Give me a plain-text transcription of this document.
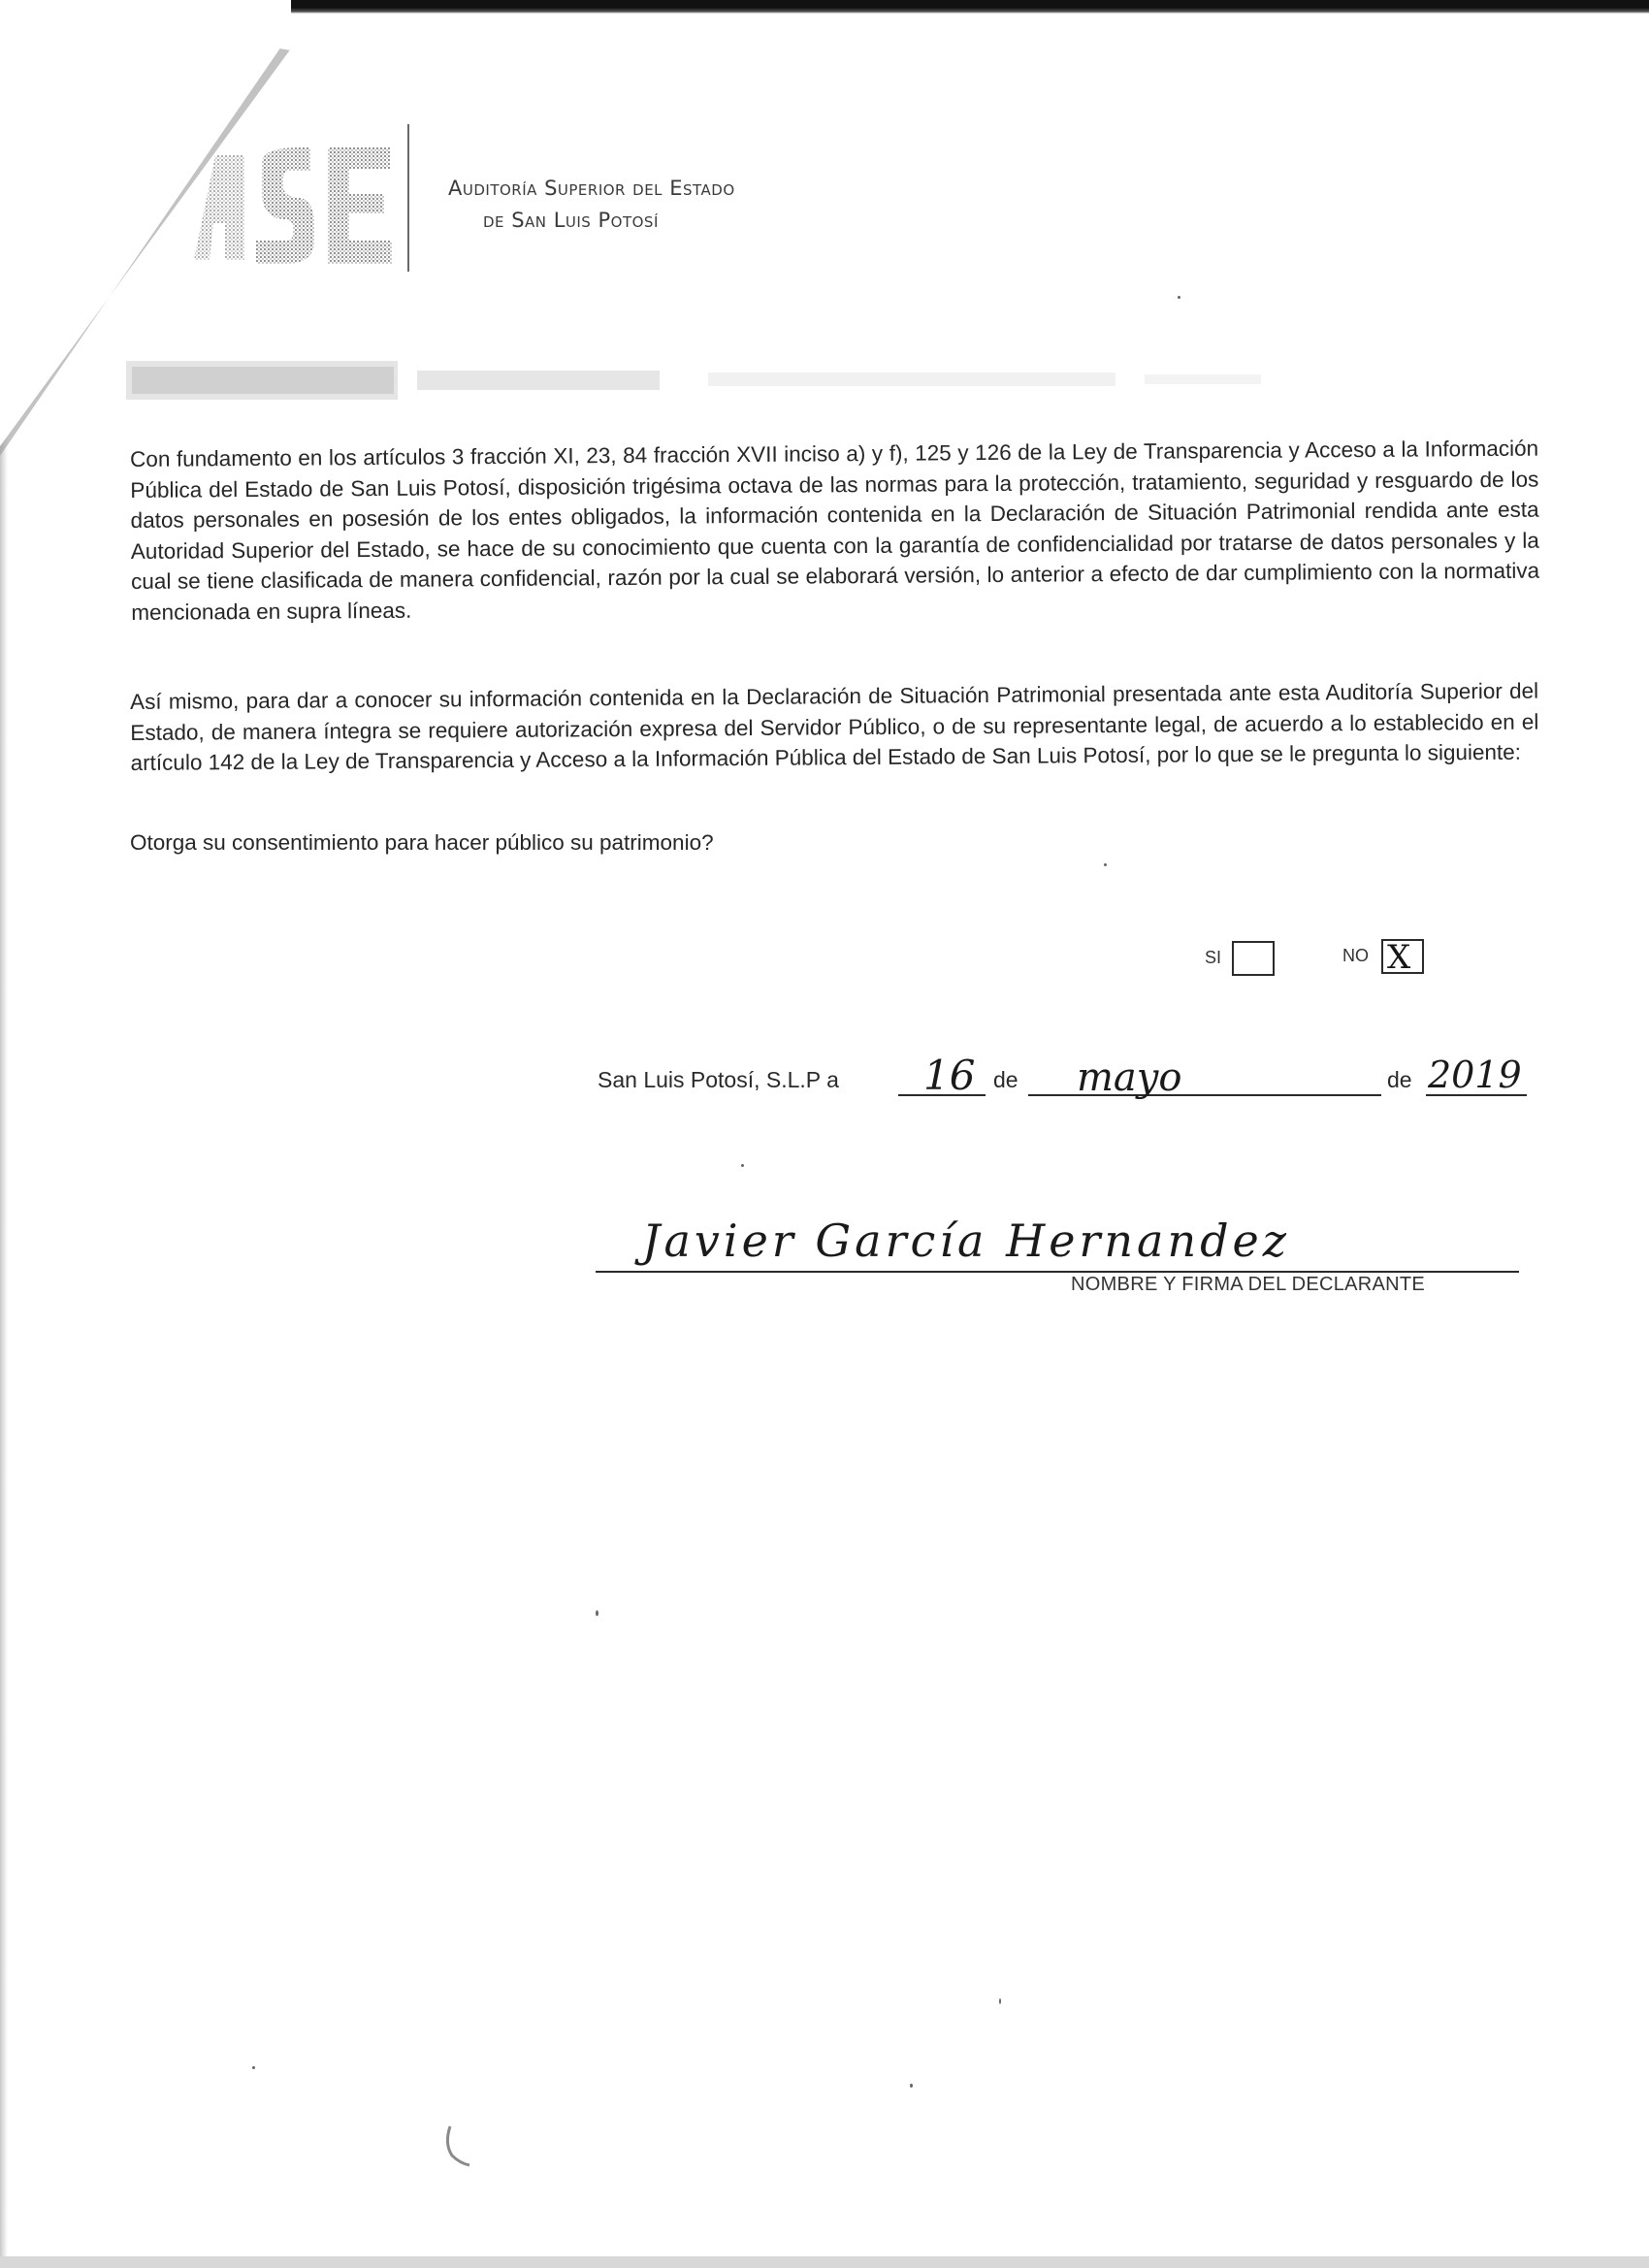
Auditoría Superior del Estado
de San Luis Potosí
Con fundamento en los artículos 3 fracción XI, 23, 84 fracción XVII inciso a) y f), 125 y 126 de la Ley de Transparencia y Acceso a la Información Pública del Estado de San Luis Potosí, disposición trigésima octava de las normas para la protección, tratamiento, seguridad y resguardo de los datos personales en posesión de los entes obligados, la información contenida en la Declaración de Situación Patrimonial rendida ante esta Autoridad Superior del Estado, se hace de su conocimiento que cuenta con la garantía de confidencialidad por tratarse de datos personales y la cual se tiene clasificada de manera confidencial, razón por la cual se elaborará versión, lo anterior a efecto de dar cumplimiento con la normativa mencionada en supra líneas.
Así mismo, para dar a conocer su información contenida en la Declaración de Situación Patrimonial presentada ante esta Auditoría Superior del Estado, de manera íntegra se requiere autorización expresa del Servidor Público, o de su representante legal, de acuerdo a lo establecido en el artículo 142 de la Ley de Transparencia y Acceso a la Información Pública del Estado de San Luis Potosí, por lo que se le pregunta lo siguiente:
Otorga su consentimiento para hacer público su patrimonio?
SI	NO X
San Luis Potosí, S.L.P a 16 de mayo	de 2019
Javier García Hernandez
NOMBRE Y FIRMA DEL DECLARANTE
